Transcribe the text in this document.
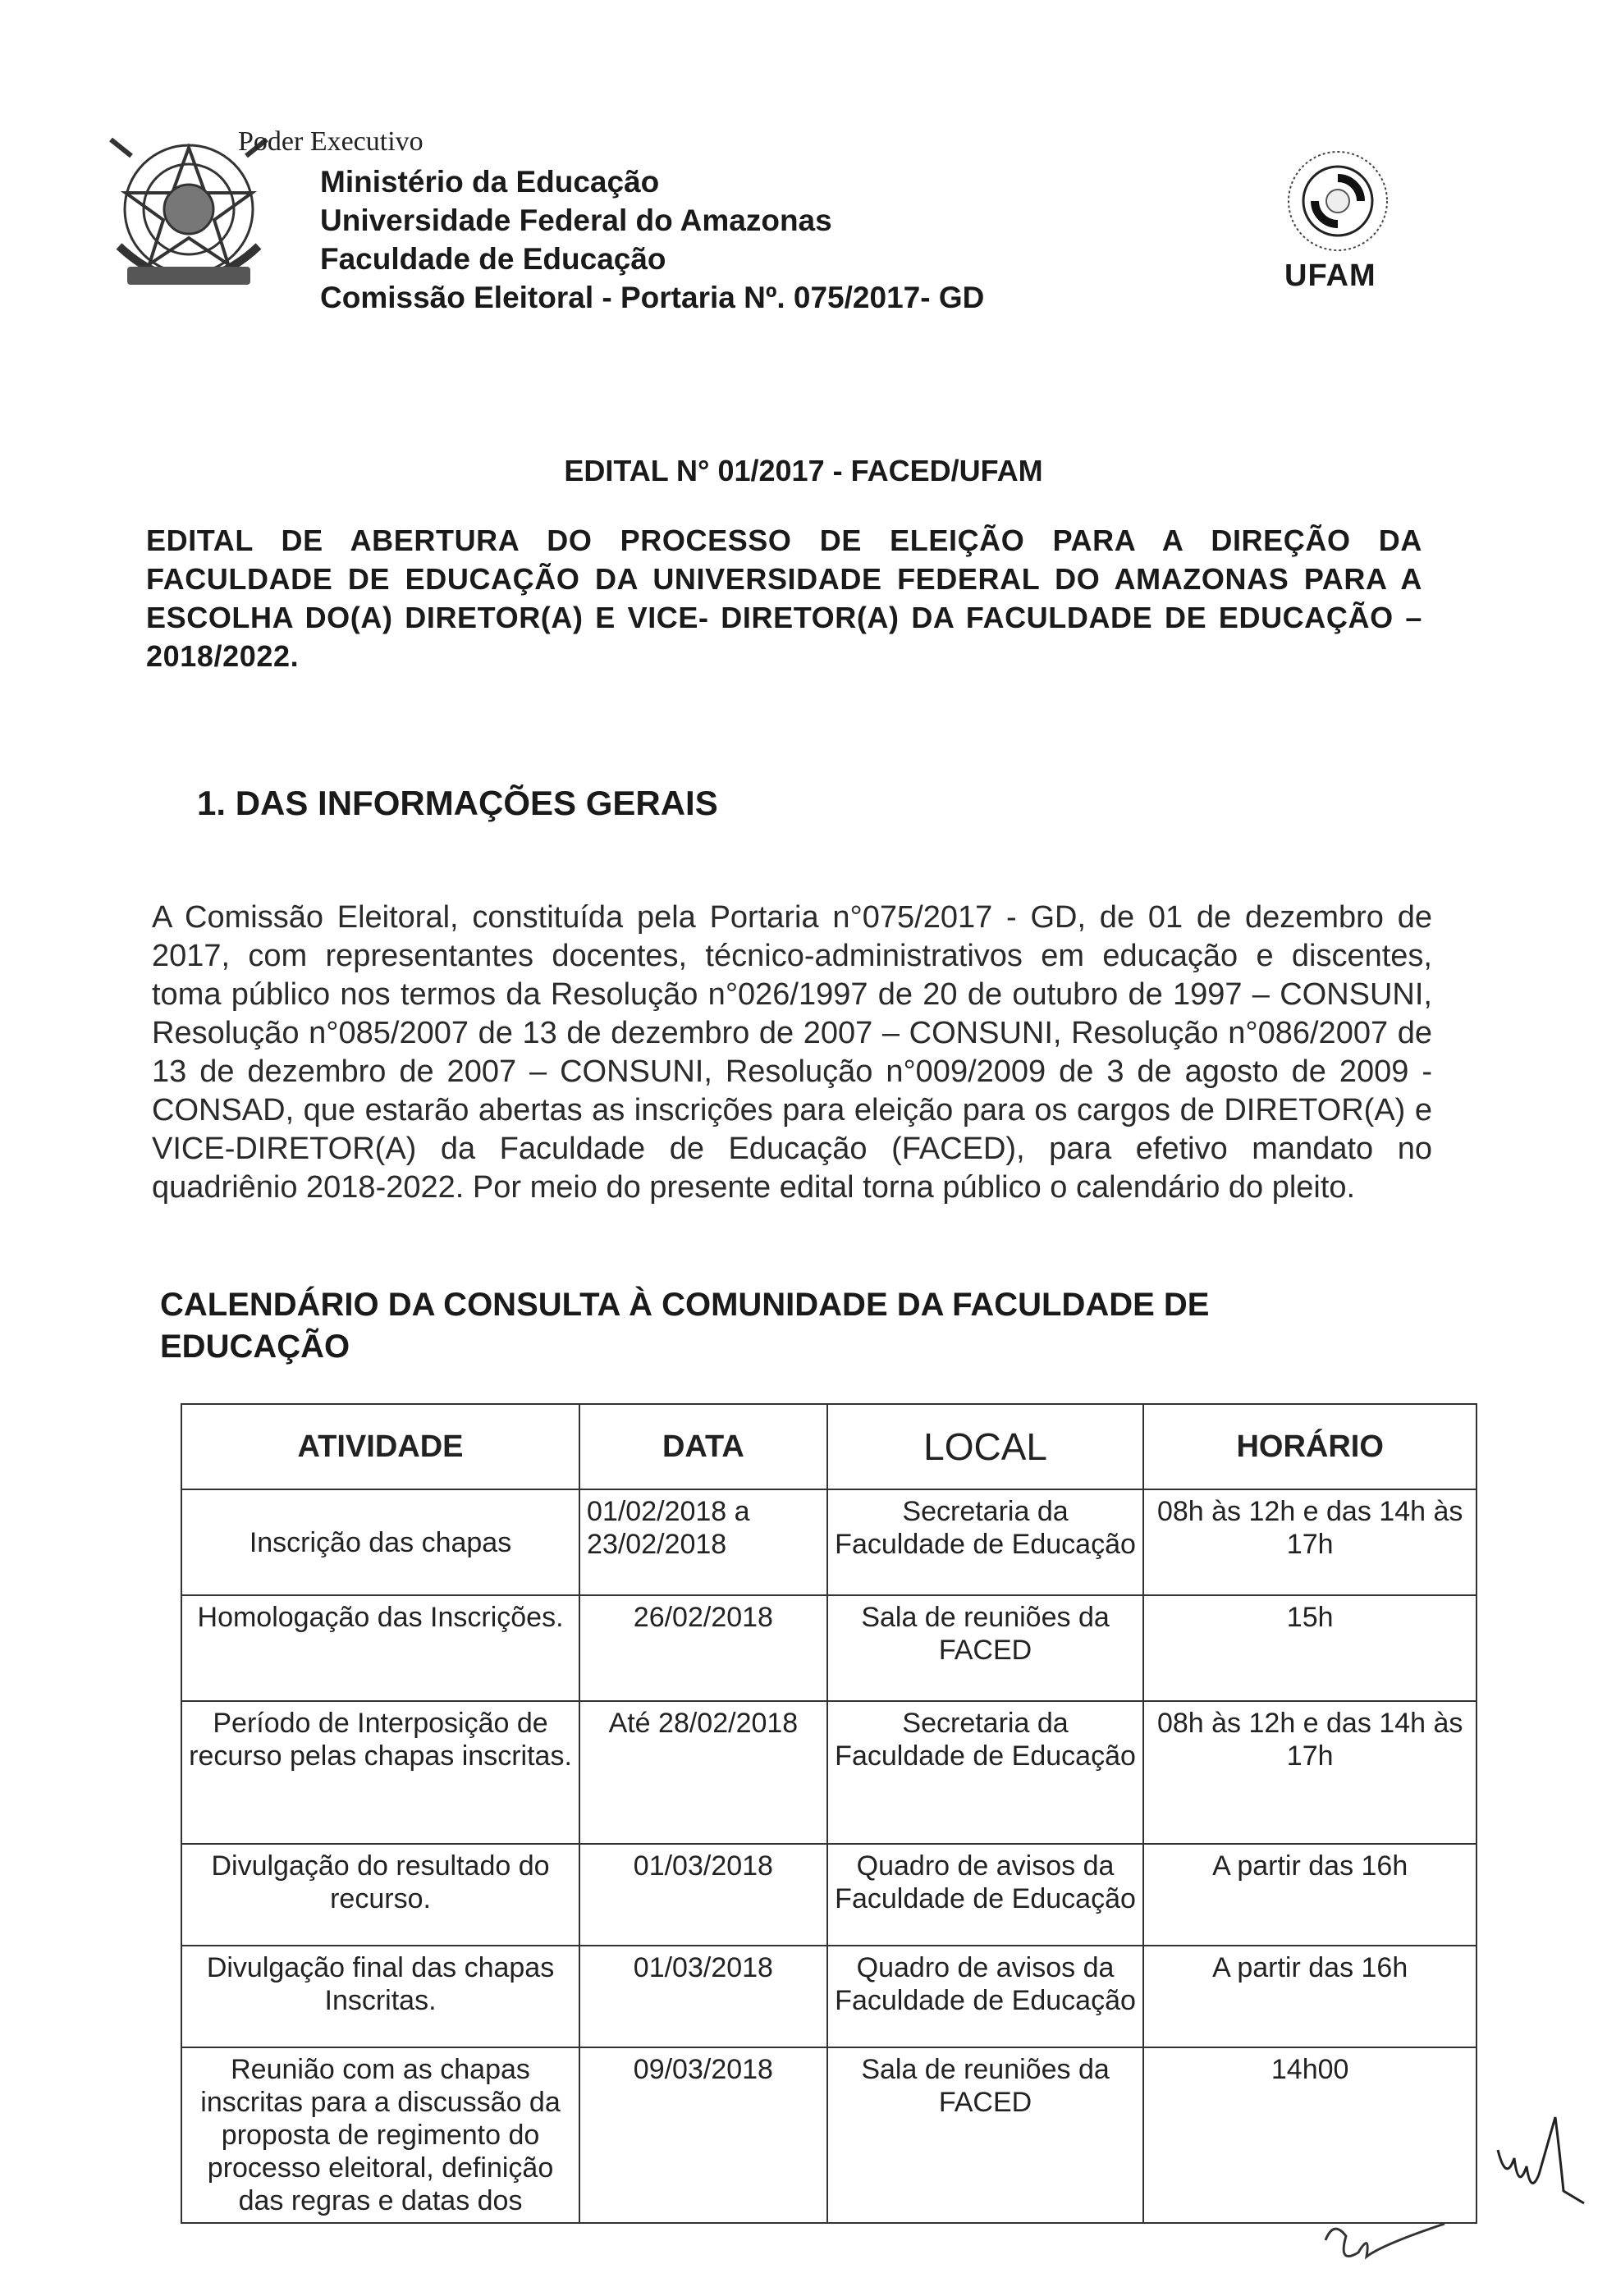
Poder Executivo
Ministério da Educação
Universidade Federal do Amazonas
Faculdade de Educação
Comissão Eleitoral - Portaria Nº. 075/2017- GD
UFAM
EDITAL N° 01/2017 - FACED/UFAM
EDITAL DE ABERTURA DO PROCESSO DE ELEIÇÃO PARA A DIREÇÃO DA FACULDADE DE EDUCAÇÃO DA UNIVERSIDADE FEDERAL DO AMAZONAS PARA A ESCOLHA DO(A) DIRETOR(A) E VICE- DIRETOR(A) DA FACULDADE DE EDUCAÇÃO – 2018/2022.
1. DAS INFORMAÇÕES GERAIS
A Comissão Eleitoral, constituída pela Portaria n°075/2017 - GD, de 01 de dezembro de 2017, com representantes docentes, técnico-administrativos em educação e discentes, toma público nos termos da Resolução n°026/1997 de 20 de outubro de 1997 – CONSUNI, Resolução n°085/2007 de 13 de dezembro de 2007 – CONSUNI, Resolução n°086/2007 de 13 de dezembro de 2007 – CONSUNI, Resolução n°009/2009 de 3 de agosto de 2009 - CONSAD, que estarão abertas as inscrições para eleição para os cargos de DIRETOR(A) e VICE-DIRETOR(A) da Faculdade de Educação (FACED), para efetivo mandato no quadriênio 2018-2022. Por meio do presente edital torna público o calendário do pleito.
CALENDÁRIO DA CONSULTA À COMUNIDADE DA FACULDADE DE EDUCAÇÃO
ATIVIDADE	DATA	LOCAL	HORÁRIO
Inscrição das chapas	01/02/2018 a 23/02/2018	Secretaria da Faculdade de Educação	08h às 12h e das 14h às 17h
Homologação das Inscrições.	26/02/2018	Sala de reuniões da FACED	15h
Período de Interposição de recurso pelas chapas inscritas.	Até 28/02/2018	Secretaria da Faculdade de Educação	08h às 12h e das 14h às 17h
Divulgação do resultado do recurso.	01/03/2018	Quadro de avisos da Faculdade de Educação	A partir das 16h
Divulgação final das chapas Inscritas.	01/03/2018	Quadro de avisos da Faculdade de Educação	A partir das 16h
Reunião com as chapas inscritas para a discussão da proposta de regimento do processo eleitoral, definição das regras e datas dos	09/03/2018	Sala de reuniões da FACED	14h00
